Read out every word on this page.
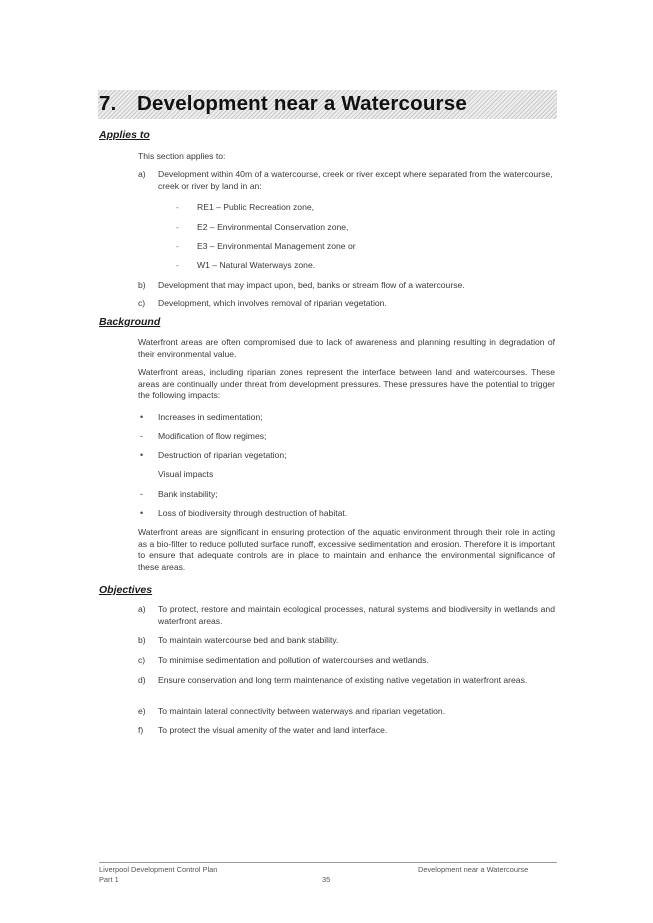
7. Development near a Watercourse
Applies to
This section applies to:
a) Development within 40m of a watercourse, creek or river except where separated from the watercourse, creek or river by land in an:
- RE1 – Public Recreation zone,
- E2 – Environmental Conservation zone,
- E3 – Environmental Management zone or
- W1 – Natural Waterways zone.
b) Development that may impact upon, bed, banks or stream flow of a watercourse.
c) Development, which involves removal of riparian vegetation.
Background
Waterfront areas are often compromised due to lack of awareness and planning resulting in degradation of their environmental value.
Waterfront areas, including riparian zones represent the interface between land and watercourses. These areas are continually under threat from development pressures. These pressures have the potential to trigger the following impacts:
• Increases in sedimentation;
- Modification of flow regimes;
• Destruction of riparian vegetation;
Visual impacts
- Bank instability;
• Loss of biodiversity through destruction of habitat.
Waterfront areas are significant in ensuring protection of the aquatic environment through their role in acting as a bio-filter to reduce polluted surface runoff, excessive sedimentation and erosion. Therefore it is important to ensure that adequate controls are in place to maintain and enhance the environmental significance of these areas.
Objectives
a) To protect, restore and maintain ecological processes, natural systems and biodiversity in wetlands and waterfront areas.
b) To maintain watercourse bed and bank stability.
c) To minimise sedimentation and pollution of watercourses and wetlands.
d) Ensure conservation and long term maintenance of existing native vegetation in waterfront areas.
e) To maintain lateral connectivity between waterways and riparian vegetation.
f) To protect the visual amenity of the water and land interface.
Liverpool Development Control Plan
Part 1	35
Development near a Watercourse
